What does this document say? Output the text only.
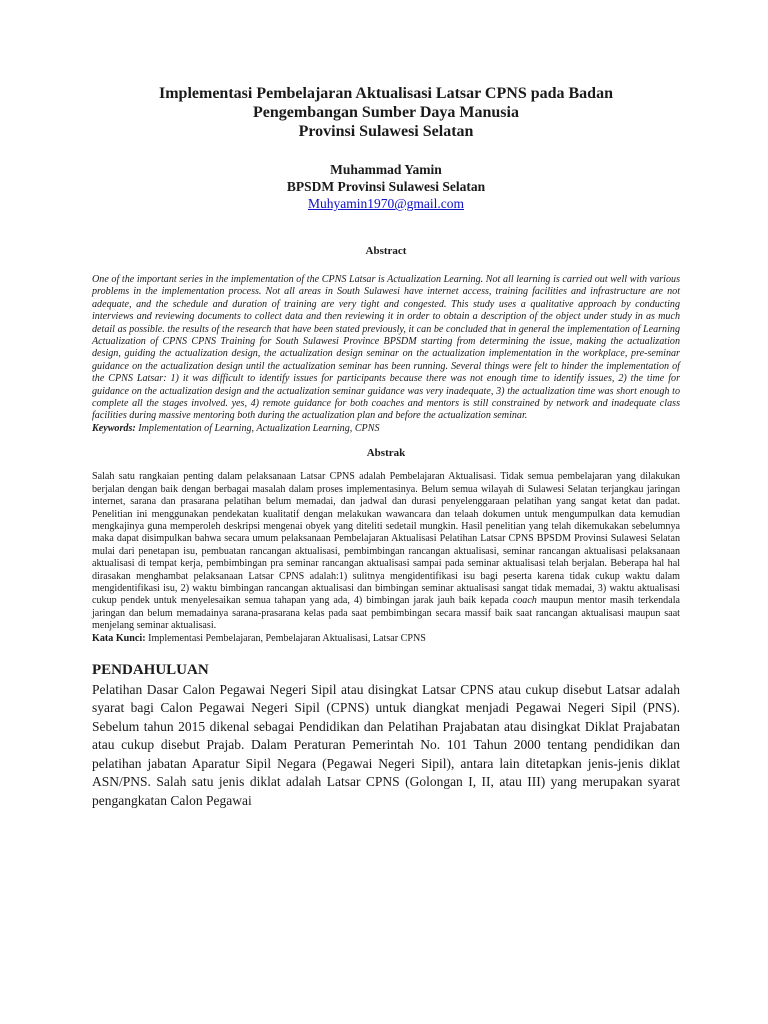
Implementasi Pembelajaran Aktualisasi Latsar CPNS pada Badan
Pengembangan Sumber Daya Manusia
Provinsi Sulawesi Selatan
Muhammad Yamin
BPSDM Provinsi Sulawesi Selatan
Muhyamin1970@gmail.com
Abstract

One of the important series in the implementation of the CPNS Latsar is Actualization Learning. Not all learning is carried out well with various problems in the implementation process. Not all areas in South Sulawesi have internet access, training facilities and infrastructure are not adequate, and the schedule and duration of training are very tight and congested. This study uses a qualitative approach by conducting interviews and reviewing documents to collect data and then reviewing it in order to obtain a description of the object under study in as much detail as possible. the results of the research that have been stated previously, it can be concluded that in general the implementation of Learning Actualization of CPNS CPNS Training for South Sulawesi Province BPSDM starting from determining the issue, making the actualization design, guiding the actualization design, the actualization design seminar on the actualization implementation in the workplace, pre-seminar guidance on the actualization design until the actualization seminar has been running. Several things were felt to hinder the implementation of the CPNS Latsar: 1) it was difficult to identify issues for participants because there was not enough time to identify issues, 2) the time for guidance on the actualization design and the actualization seminar guidance was very inadequate, 3) the actualization time was short enough to complete all the stages involved. yes, 4) remote guidance for both coaches and mentors is still constrained by network and inadequate class facilities during massive mentoring both during the actualization plan and before the actualization seminar.

Keywords: Implementation of Learning, Actualization Learning, CPNS

Abstrak

Salah satu rangkaian penting dalam pelaksanaan Latsar CPNS adalah Pembelajaran Aktualisasi. Tidak semua pembelajaran yang dilakukan berjalan dengan baik dengan berbagai masalah dalam proses implementasinya. Belum semua wilayah di Sulawesi Selatan terjangkau jaringan internet, sarana dan prasarana pelatihan belum memadai, dan jadwal dan durasi penyelenggaraan pelatihan yang sangat ketat dan padat. Penelitian ini menggunakan pendekatan kualitatif dengan melakukan wawancara dan telaah dokumen untuk mengumpulkan data kemudian mengkajinya guna memperoleh deskripsi mengenai obyek yang diteliti sedetail mungkin. Hasil penelitian yang telah dikemukakan sebelumnya maka dapat disimpulkan bahwa secara umum pelaksanaan Pembelajaran Aktualisasi Pelatihan Latsar CPNS BPSDM Provinsi Sulawesi Selatan mulai dari penetapan isu, pembuatan rancangan aktualisasi, pembimbingan rancangan aktualisasi, seminar rancangan aktualisasi pelaksanaan aktualisasi di tempat kerja, pembimbingan pra seminar rancangan aktualisasi sampai pada seminar aktualisasi telah berjalan. Beberapa hal hal dirasakan menghambat pelaksanaan Latsar CPNS adalah:1) sulitnya mengidentifikasi isu bagi peserta karena tidak cukup waktu dalam mengidentifikasi isu, 2) waktu bimbingan rancangan aktualisasi dan bimbingan seminar aktualisasi sangat tidak memadai, 3) waktu aktualisasi cukup pendek untuk menyelesaikan semua tahapan yang ada, 4) bimbingan jarak jauh baik kepada coach maupun mentor masih terkendala jaringan dan belum memadainya sarana-prasarana kelas pada saat pembimbingan secara massif baik saat rancangan aktualisasi maupun saat menjelang seminar aktualisasi.

Kata Kunci: Implementasi Pembelajaran, Pembelajaran Aktualisasi, Latsar CPNS

PENDAHULUAN

Pelatihan Dasar Calon Pegawai Negeri Sipil atau disingkat Latsar CPNS atau cukup disebut Latsar adalah syarat bagi Calon Pegawai Negeri Sipil (CPNS) untuk diangkat menjadi Pegawai Negeri Sipil (PNS). Sebelum tahun 2015 dikenal sebagai Pendidikan dan Pelatihan Prajabatan atau disingkat Diklat Prajabatan atau cukup disebut Prajab. Dalam Peraturan Pemerintah No. 101 Tahun 2000 tentang pendidikan dan pelatihan jabatan Aparatur Sipil Negara (Pegawai Negeri Sipil), antara lain ditetapkan jenis-jenis diklat ASN/PNS. Salah satu jenis diklat adalah Latsar CPNS (Golongan I, II, atau III) yang merupakan syarat pengangkatan Calon Pegawai
